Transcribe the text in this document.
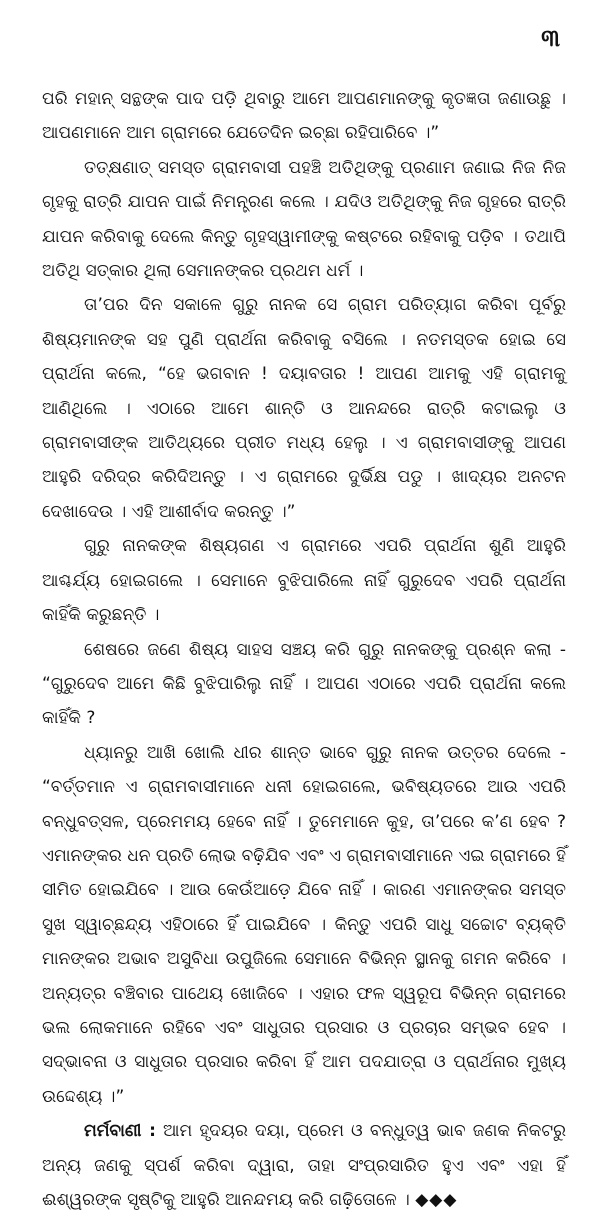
୩

ପରି ମହାନ୍ ସନ୍ଥଙ୍କ ପାଦ ପଡ଼ି ଥିବାରୁ ଆମେ ଆପଣମାନଙ୍କୁ କୃତଜ୍ଞତା ଜଣାଉଛୁ । ଆପଣମାନେ ଆମ ଗ୍ରାମରେ ଯେତେଦିନ ଇଚ୍ଛା ରହିପାରିବେ ।”

ତତ୍କ୍ଷଣାତ୍ ସମସ୍ତ ଗ୍ରାମବାସୀ ପହଞ୍ଚି ଅତିଥିଙ୍କୁ ପ୍ରଣାମ ଜଣାଇ ନିଜ ନିଜ ଗୃହକୁ ରାତ୍ରି ଯାପନ ପାଇଁ ନିମନ୍ତ୍ରଣ କଲେ । ଯଦିଓ ଅତିଥିଙ୍କୁ ନିଜ ଗୃହରେ ରାତ୍ରି ଯାପନ କରିବାକୁ ଦେଲେ କିନ୍ତୁ ଗୃହସ୍ୱାମୀଙ୍କୁ କଷ୍ଟରେ ରହିବାକୁ ପଡ଼ିବ । ତଥାପି ଅତିଥି ସତ୍କାର ଥିଲା ସେମାନଙ୍କର ପ୍ରଥମ ଧର୍ମ ।

ତା’ପର ଦିନ ସକାଳେ ଗୁରୁ ନାନକ ସେ ଗ୍ରାମ ପରିତ୍ୟାଗ କରିବା ପୂର୍ବରୁ ଶିଷ୍ୟମାନଙ୍କ ସହ ପୁଣି ପ୍ରାର୍ଥନା କରିବାକୁ ବସିଲେ । ନତମସ୍ତକ ହୋଇ ସେ ପ୍ରାର୍ଥନା କଲେ, “ହେ ଭଗବାନ ! ଦୟାବତାର ! ଆପଣ ଆମକୁ ଏହି ଗ୍ରାମକୁ ଆଣିଥିଲେ । ଏଠାରେ ଆମେ ଶାନ୍ତି ଓ ଆନନ୍ଦରେ ରାତ୍ରି କଟାଇଲୁ ଓ ଗ୍ରାମବାସୀଙ୍କ ଆତିଥ୍ୟରେ ପ୍ରୀତ ମଧ୍ୟ ହେଲୁ । ଏ ଗ୍ରାମବାସୀଙ୍କୁ ଆପଣ ଆହୁରି ଦରିଦ୍ର କରିଦିଅନ୍ତୁ । ଏ ଗ୍ରାମରେ ଦୁର୍ଭିକ୍ଷ ପଡୁ । ଖାଦ୍ୟର ଅନଟନ ଦେଖାଦେଉ । ଏହି ଆଶୀର୍ବାଦ କରନ୍ତୁ ।”

ଗୁରୁ ନାନକଙ୍କ ଶିଷ୍ୟଗଣ ଏ ଗ୍ରାମରେ ଏପରି ପ୍ରାର୍ଥନା ଶୁଣି ଆହୁରି ଆଶ୍ଚର୍ଯ୍ୟ ହୋଇଗଲେ । ସେମାନେ ବୁଝିପାରିଲେ ନାହିଁ ଗୁରୁଦେବ ଏପରି ପ୍ରାର୍ଥନା କାହିଁକି କରୁଛନ୍ତି ।

ଶେଷରେ ଜଣେ ଶିଷ୍ୟ ସାହସ ସଞ୍ଚୟ କରି ଗୁରୁ ନାନକଙ୍କୁ ପ୍ରଶ୍ନ କଲା - “ଗୁରୁଦେବ ଆମେ କିଛି ବୁଝିପାରିଲୁ ନାହିଁ । ଆପଣ ଏଠାରେ ଏପରି ପ୍ରାର୍ଥନା କଲେ କାହିଁକି ?

ଧ୍ୟାନରୁ ଆଖି ଖୋଲି ଧୀର ଶାନ୍ତ ଭାବେ ଗୁରୁ ନାନକ ଉତ୍ତର ଦେଲେ - “ବର୍ତ୍ତମାନ ଏ ଗ୍ରାମବାସୀମାନେ ଧନୀ ହୋଇଗଲେ, ଭବିଷ୍ୟତରେ ଆଉ ଏପରି ବନ୍ଧୁବତ୍ସଳ, ପ୍ରେମମୟ ହେବେ ନାହିଁ । ତୁମେମାନେ କୁହ, ତା’ପରେ କ’ଣ ହେବ ? ଏମାନଙ୍କର ଧନ ପ୍ରତି ଲୋଭ ବଢ଼ିଯିବ ଏବଂ ଏ ଗ୍ରାମବାସୀମାନେ ଏଇ ଗ୍ରାମରେ ହିଁ ସୀମିତ ହୋଇଯିବେ । ଆଉ କେଉଁଆଡ଼େ ଯିବେ ନାହିଁ । କାରଣ ଏମାନଙ୍କର ସମସ୍ତ ସୁଖ ସ୍ୱାଚ୍ଛନ୍ଦ୍ୟ ଏହିଠାରେ ହିଁ ପାଇଯିବେ । କିନ୍ତୁ ଏପରି ସାଧୁ ସଚ୍ଚୋଟ ବ୍ୟକ୍ତି ମାନଙ୍କର ଅଭାବ ଅସୁବିଧା ଉପୁଜିଲେ ସେମାନେ ବିଭିନ୍ନ ସ୍ଥାନକୁ ଗମନ କରିବେ । ଅନ୍ୟତ୍ର ବଞ୍ଚିବାର ପାଥେୟ ଖୋଜିବେ । ଏହାର ଫଳ ସ୍ୱରୂପ ବିଭିନ୍ନ ଗ୍ରାମରେ ଭଲ ଲୋକମାନେ ରହିବେ ଏବଂ ସାଧୁତାର ପ୍ରସାର ଓ ପ୍ରଚାର ସମ୍ଭବ ହେବ । ସଦ୍ଭାବନା ଓ ସାଧୁତାର ପ୍ରସାର କରିବା ହିଁ ଆମ ପଦଯାତ୍ରା ଓ ପ୍ରାର୍ଥନାର ମୁଖ୍ୟ ଉଦ୍ଦେଶ୍ୟ ।”

ମର୍ମବାଣୀ : ଆମ ହୃଦୟର ଦୟା, ପ୍ରେମ ଓ ବନ୍ଧୁତ୍ୱ ଭାବ ଜଣକ ନିକଟରୁ ଅନ୍ୟ ଜଣକୁ ସ୍ପର୍ଶ କରିବା ଦ୍ୱାରା, ତାହା ସଂପ୍ରସାରିତ ହୁଏ ଏବଂ ଏହା ହିଁ ଈଶ୍ୱରଙ୍କ ସୃଷ୍ଟିକୁ ଆହୁରି ଆନନ୍ଦମୟ କରି ଗଢ଼ିତୋଳେ । ◆◆◆
